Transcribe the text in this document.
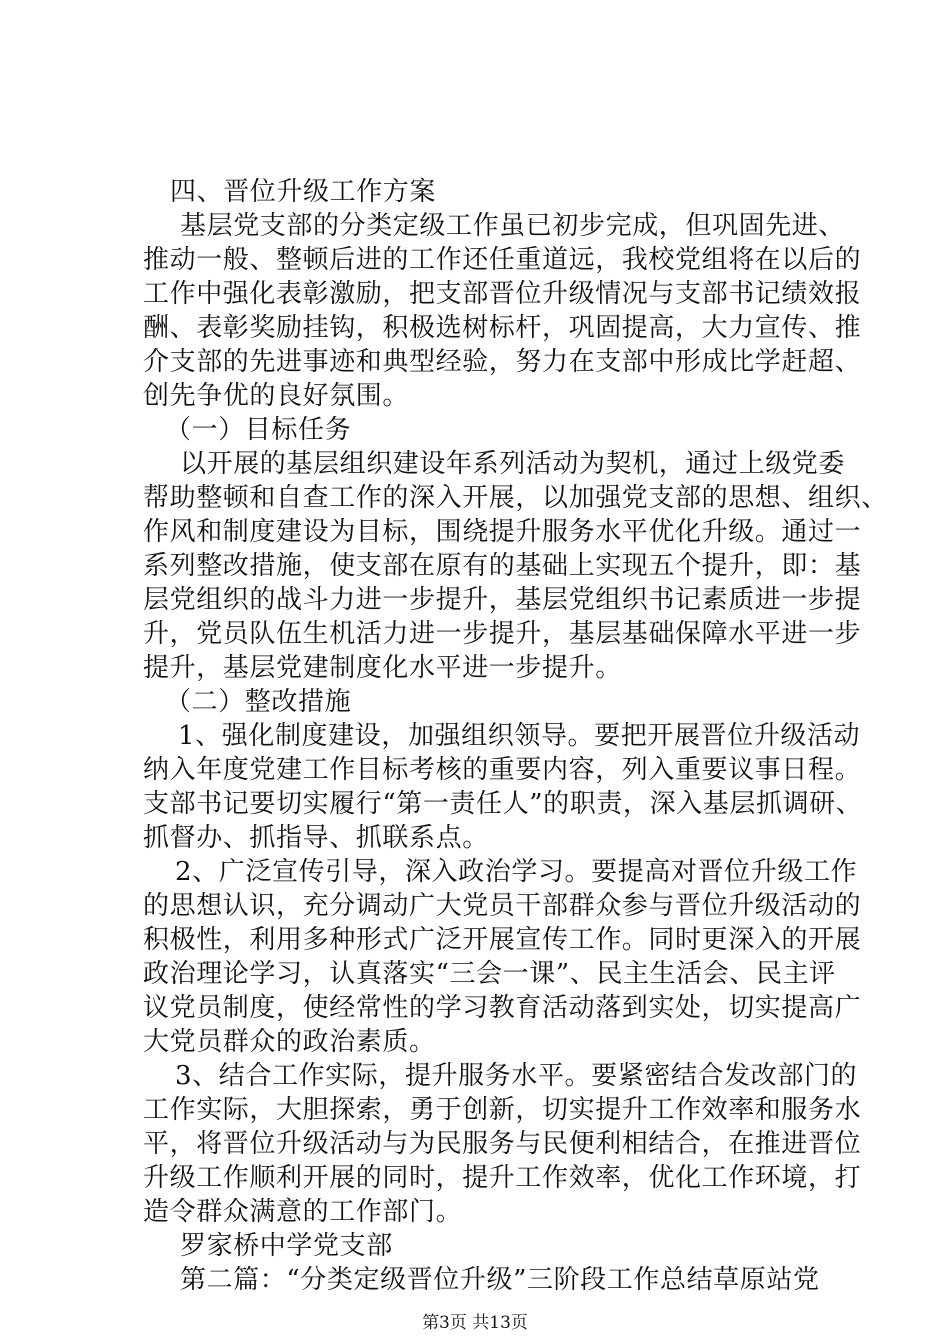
四、晋位升级工作方案
基层党支部的分类定级工作虽已初步完成，但巩固先进、
推动一般、整顿后进的工作还任重道远，我校党组将在以后的
工作中强化表彰激励，把支部晋位升级情况与支部书记绩效报
酬、表彰奖励挂钩，积极选树标杆，巩固提高，大力宣传、推
介支部的先进事迹和典型经验，努力在支部中形成比学赶超、
创先争优的良好氛围。
（一）目标任务
以开展的基层组织建设年系列活动为契机，通过上级党委
帮助整顿和自查工作的深入开展，以加强党支部的思想、组织、
作风和制度建设为目标，围绕提升服务水平优化升级。通过一
系列整改措施，使支部在原有的基础上实现五个提升，即：基
层党组织的战斗力进一步提升，基层党组织书记素质进一步提
升，党员队伍生机活力进一步提升，基层基础保障水平进一步
提升，基层党建制度化水平进一步提升。
（二）整改措施
1、强化制度建设，加强组织领导。要把开展晋位升级活动
纳入年度党建工作目标考核的重要内容，列入重要议事日程。
支部书记要切实履行“第一责任人”的职责，深入基层抓调研、
抓督办、抓指导、抓联系点。
2、广泛宣传引导，深入政治学习。要提高对晋位升级工作
的思想认识，充分调动广大党员干部群众参与晋位升级活动的
积极性，利用多种形式广泛开展宣传工作。同时更深入的开展
政治理论学习，认真落实“三会一课”、民主生活会、民主评
议党员制度，使经常性的学习教育活动落到实处，切实提高广
大党员群众的政治素质。
3、结合工作实际，提升服务水平。要紧密结合发改部门的
工作实际，大胆探索，勇于创新，切实提升工作效率和服务水
平，将晋位升级活动与为民服务与民便利相结合，在推进晋位
升级工作顺利开展的同时，提升工作效率，优化工作环境，打
造令群众满意的工作部门。
罗家桥中学党支部
第二篇：“分类定级晋位升级”三阶段工作总结草原站党
第3页 共13页
